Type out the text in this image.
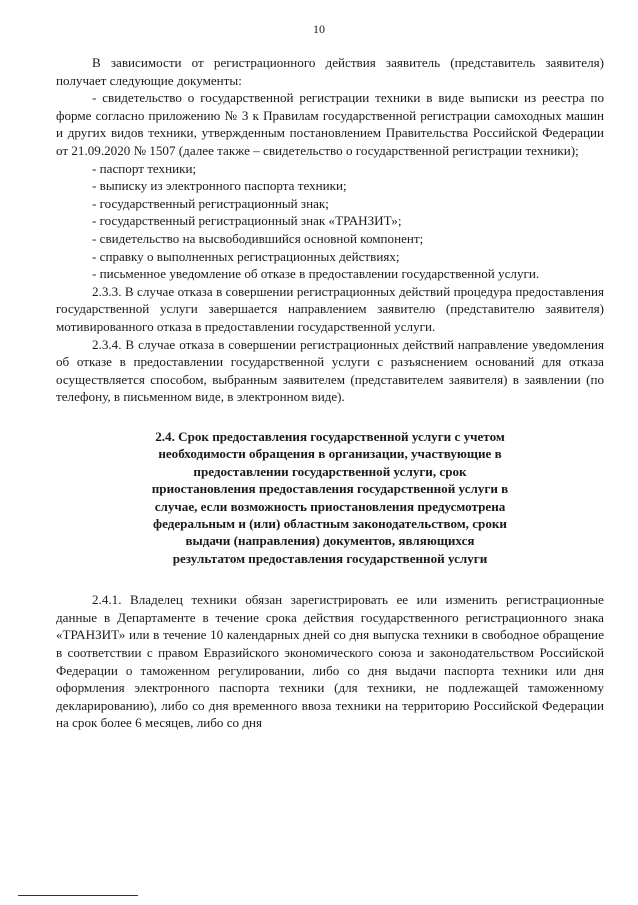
10

В зависимости от регистрационного действия заявитель (представитель заявителя) получает следующие документы:

- свидетельство о государственной регистрации техники в виде выписки из реестра по форме согласно приложению № 3 к Правилам государственной регистрации самоходных машин и других видов техники, утвержденным постановлением Правительства Российской Федерации от 21.09.2020 № 1507 (далее также – свидетельство о государственной регистрации техники);

- паспорт техники;

- выписку из электронного паспорта техники;

- государственный регистрационный знак;

- государственный регистрационный знак «ТРАНЗИТ»;

- свидетельство на высвободившийся основной компонент;

- справку о выполненных регистрационных действиях;

- письменное уведомление об отказе в предоставлении государственной услуги.

2.3.3. В случае отказа в совершении регистрационных действий процедура предоставления государственной услуги завершается направлением заявителю (представителю заявителя) мотивированного отказа в предоставлении государственной услуги.

2.3.4. В случае отказа в совершении регистрационных действий направление уведомления об отказе в предоставлении государственной услуги с разъяснением оснований для отказа осуществляется способом, выбранным заявителем (представителем заявителя) в заявлении (по телефону, в письменном виде, в электронном виде).

2.4. Срок предоставления государственной услуги с учетом необходимости обращения в организации, участвующие в предоставлении государственной услуги, срок приостановления предоставления государственной услуги в случае, если возможность приостановления предусмотрена федеральным и (или) областным законодательством, сроки выдачи (направления) документов, являющихся результатом предоставления государственной услуги

2.4.1. Владелец техники обязан зарегистрировать ее или изменить регистрационные данные в Департаменте в течение срока действия государственного регистрационного знака «ТРАНЗИТ» или в течение 10 календарных дней со дня выпуска техники в свободное обращение в соответствии с правом Евразийского экономического союза и законодательством Российской Федерации о таможенном регулировании, либо со дня выдачи паспорта техники или дня оформления электронного паспорта техники (для техники, не подлежащей таможенному декларированию), либо со дня временного ввоза техники на территорию Российской Федерации на срок более 6 месяцев, либо со дня
